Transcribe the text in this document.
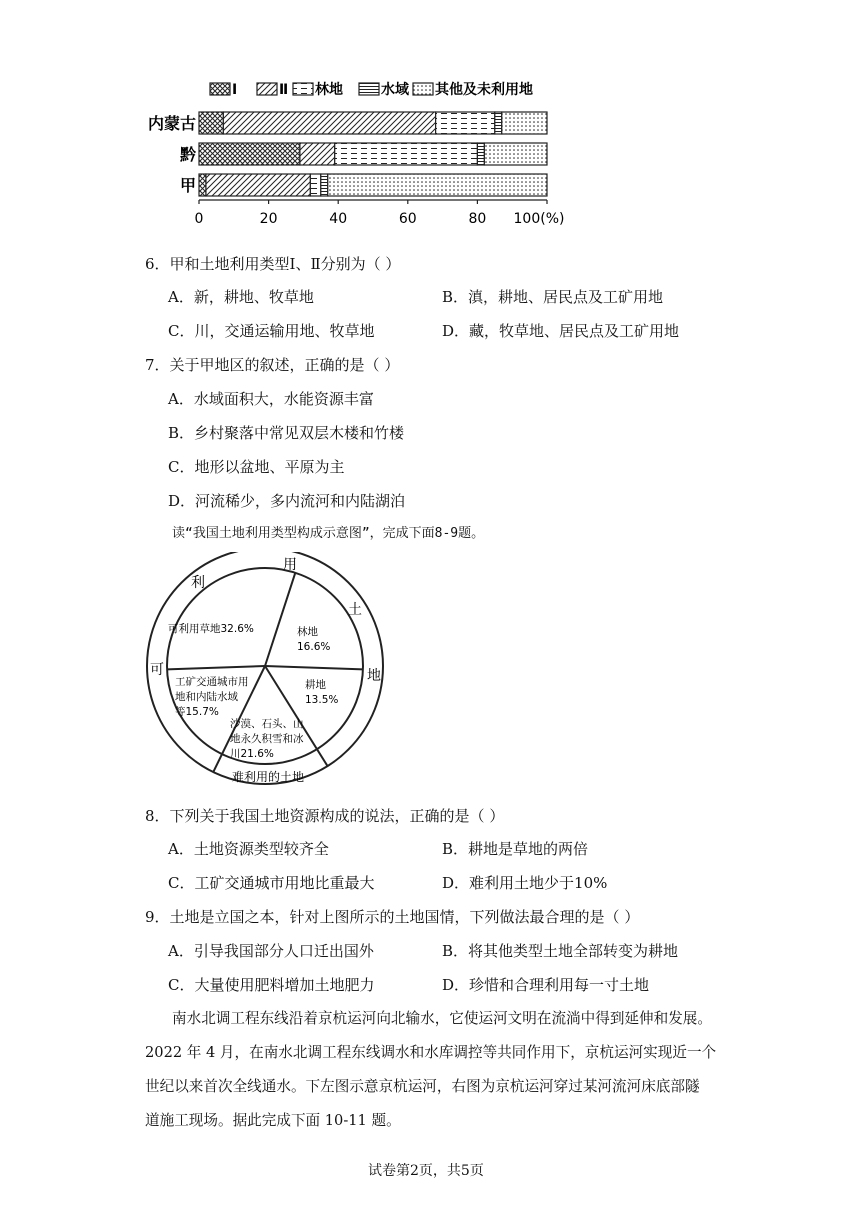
Ⅰ	Ⅱ 林地	水域 其他及未利用地
内蒙古
黔
甲
0	20	40	60	80 100(%)
6．甲和土地利用类型Ⅰ、Ⅱ分别为（ ）
A．新，耕地、牧草地	B．滇，耕地、居民点及工矿用地
C．川，交通运输用地、牧草地	D．藏，牧草地、居民点及工矿用地
7．关于甲地区的叙述，正确的是（ ）
A．水域面积大，水能资源丰富
B．乡村聚落中常见双层木楼和竹楼
C．地形以盆地、平原为主
D．河流稀少，多内流河和内陆湖泊
读“我国土地利用类型构成示意图”，完成下面8-9题。
用
利
土
可	地
难利用的土地
可利用草地32.6%	林地 16.6%
耕地 13.5%
沙漠、石头、山地永久积雪和冰川21.6%
工矿交通城市用地和内陆水域等15.7%
8．下列关于我国土地资源构成的说法，正确的是（ ）
A．土地资源类型较齐全	B．耕地是草地的两倍
C．工矿交通城市用地比重最大	D．难利用土地少于10%
9．土地是立国之本，针对上图所示的土地国情，下列做法最合理的是（ ）
A．引导我国部分人口迁出国外	B．将其他类型土地全部转变为耕地
C．大量使用肥料增加土地肥力	D．珍惜和合理利用每一寸土地
南水北调工程东线沿着京杭运河向北输水，它使运河文明在流淌中得到延伸和发展。
2022 年 4 月，在南水北调工程东线调水和水库调控等共同作用下，京杭运河实现近一个
世纪以来首次全线通水。下左图示意京杭运河，右图为京杭运河穿过某河流河床底部隧
道施工现场。据此完成下面 10-11 题。
试卷第2页，共5页
